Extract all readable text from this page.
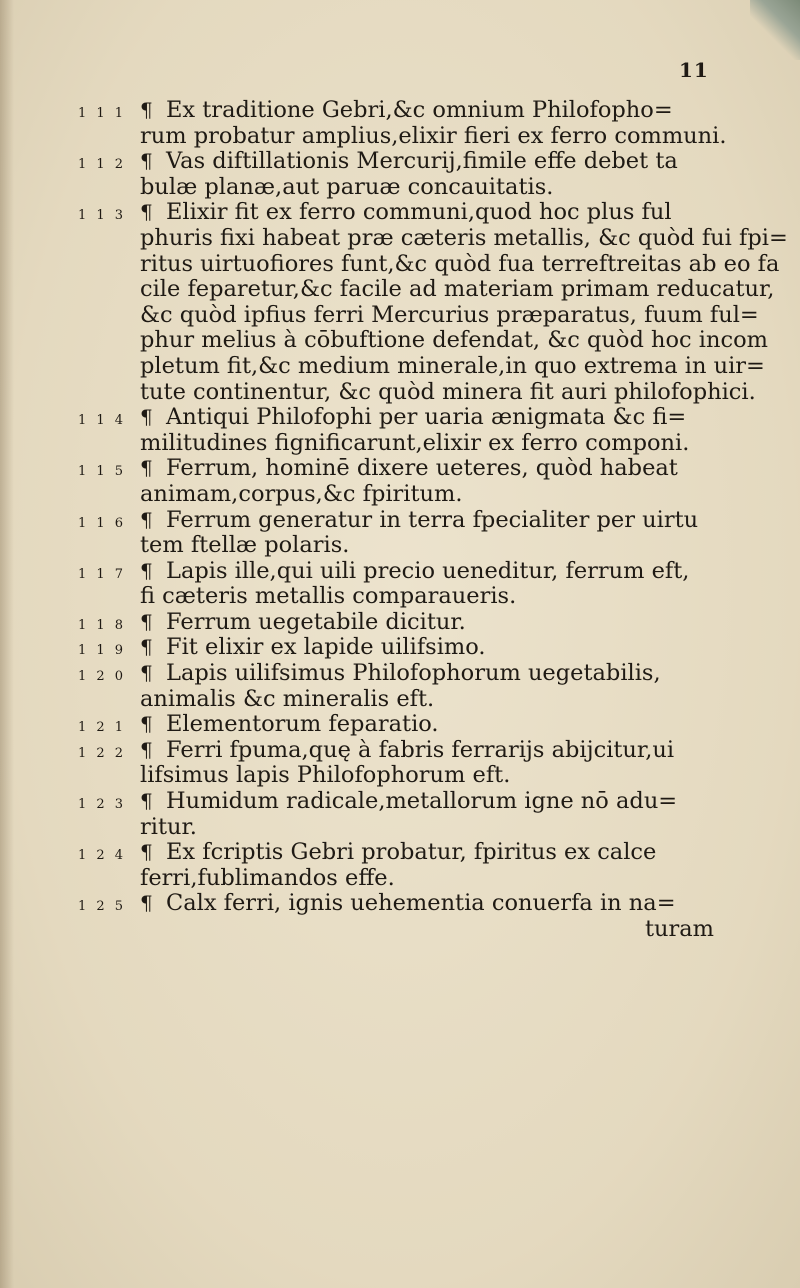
11
1 1 1 ¶ Ex traditione Gebri,&c omnium Philofopho=
rum probatur amplius,elixir fieri ex ferro communi.
1 1 2 ¶ Vas diftillationis Mercurij,fimile effe debet ta
bulæ planæ,aut paruæ concauitatis.
1 1 3 ¶ Elixir fit ex ferro communi,quod hoc plus ful
phuris fixi habeat præ cæteris metallis, &c quòd fui fpi=
ritus uirtuofiores funt,&c quòd fua terreftreitas ab eo fa
cile feparetur,&c facile ad materiam primam reducatur,
&c quòd ipfius ferri Mercurius præparatus, fuum ful=
phur melius à cōbuftione defendat, &c quòd hoc incom
pletum fit,&c medium minerale,in quo extrema in uir=
tute continentur, &c quòd minera fit auri philofophici.
1 1 4 ¶ Antiqui Philofophi per uaria ænigmata &c fi=
militudines fignificarunt,elixir ex ferro componi.
1 1 5 ¶ Ferrum, hominē dixere ueteres, quòd habeat
animam,corpus,&c fpiritum.
1 1 6 ¶ Ferrum generatur in terra fpecialiter per uirtu
tem ftellæ polaris.
1 1 7 ¶ Lapis ille,qui uili precio ueneditur, ferrum eft,
fi cæteris metallis comparaueris.
1 1 8 ¶ Ferrum uegetabile dicitur.
1 1 9 ¶ Fit elixir ex lapide uilifsimo.
1 2 0 ¶ Lapis uilifsimus Philofophorum uegetabilis,
animalis &c mineralis eft.
1 2 1 ¶ Elementorum feparatio.
1 2 2 ¶ Ferri fpuma,quę à fabris ferrarijs abijcitur,ui
lifsimus lapis Philofophorum eft.
1 2 3 ¶ Humidum radicale,metallorum igne nō adu=
ritur.
1 2 4 ¶ Ex fcriptis Gebri probatur, fpiritus ex calce
ferri,fublimandos effe.
1 2 5 ¶ Calx ferri, ignis uehementia conuerfa in na=
turam
